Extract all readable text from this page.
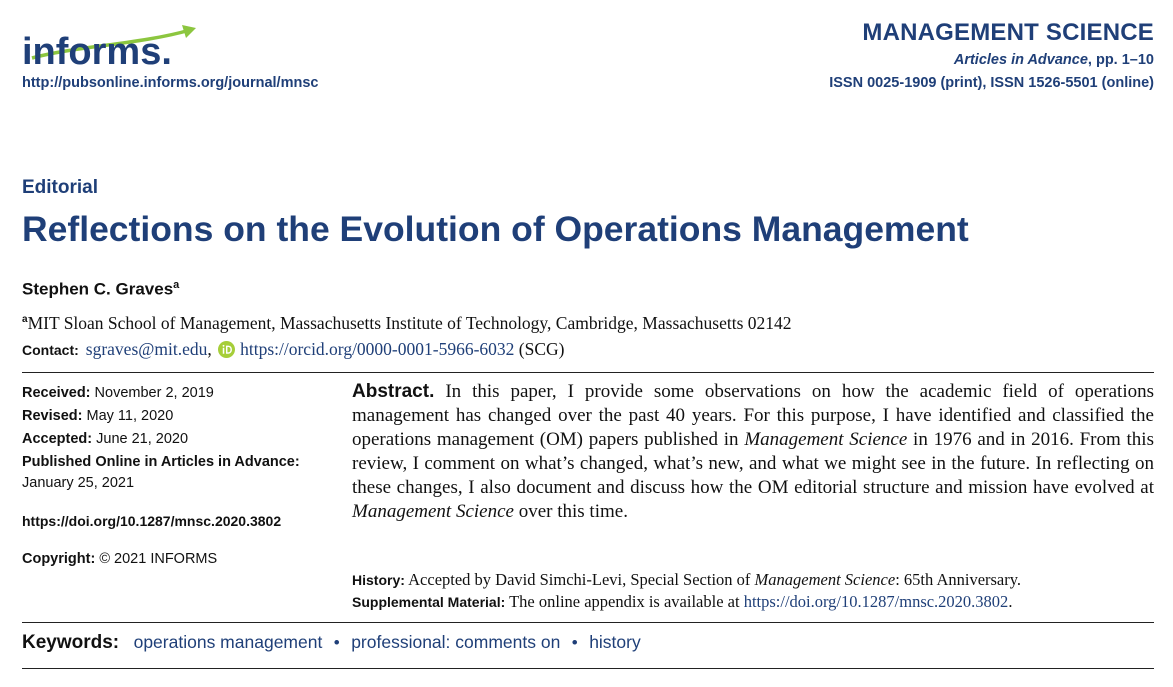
informs.
http://pubsonline.informs.org/journal/mnsc
MANAGEMENT SCIENCE
Articles in Advance, pp. 1–10
ISSN 0025-1909 (print), ISSN 1526-5501 (online)
Editorial
Reflections on the Evolution of Operations Management
Stephen C. Graves$^a$
$^a$MIT Sloan School of Management, Massachusetts Institute of Technology, Cambridge, Massachusetts 02142
Contact: sgraves@mit.edu , https://orcid.org/0000-0001-5966-6032
(SCG)
Received: November 2, 2019
Revised: May 11, 2020
Accepted: June 21, 2020
Published Online in Articles in Advance:
January 25, 2021
https://doi.org/10.1287/mnsc.2020.3802
Copyright: © 2021 INFORMS
Abstract. In this paper, I provide some observations on how the academic field of operations management has changed over the past 40 years. For this purpose, I have identified and classified the operations management (OM) papers published in Management Science in 1976 and in 2016. From this review, I comment on what’s changed, what’s new, and what we might see in the future. In reflecting on these changes, I also document and discuss how the OM editorial structure and mission have evolved at Management Science over this time.
History: Accepted by David Simchi-Levi, Special Section of Management Science: 65th Anniversary.
Supplemental Material: The online appendix is available at https://doi.org/10.1287/mnsc.2020.3802.
Keywords: operations management • professional: comments on • history
